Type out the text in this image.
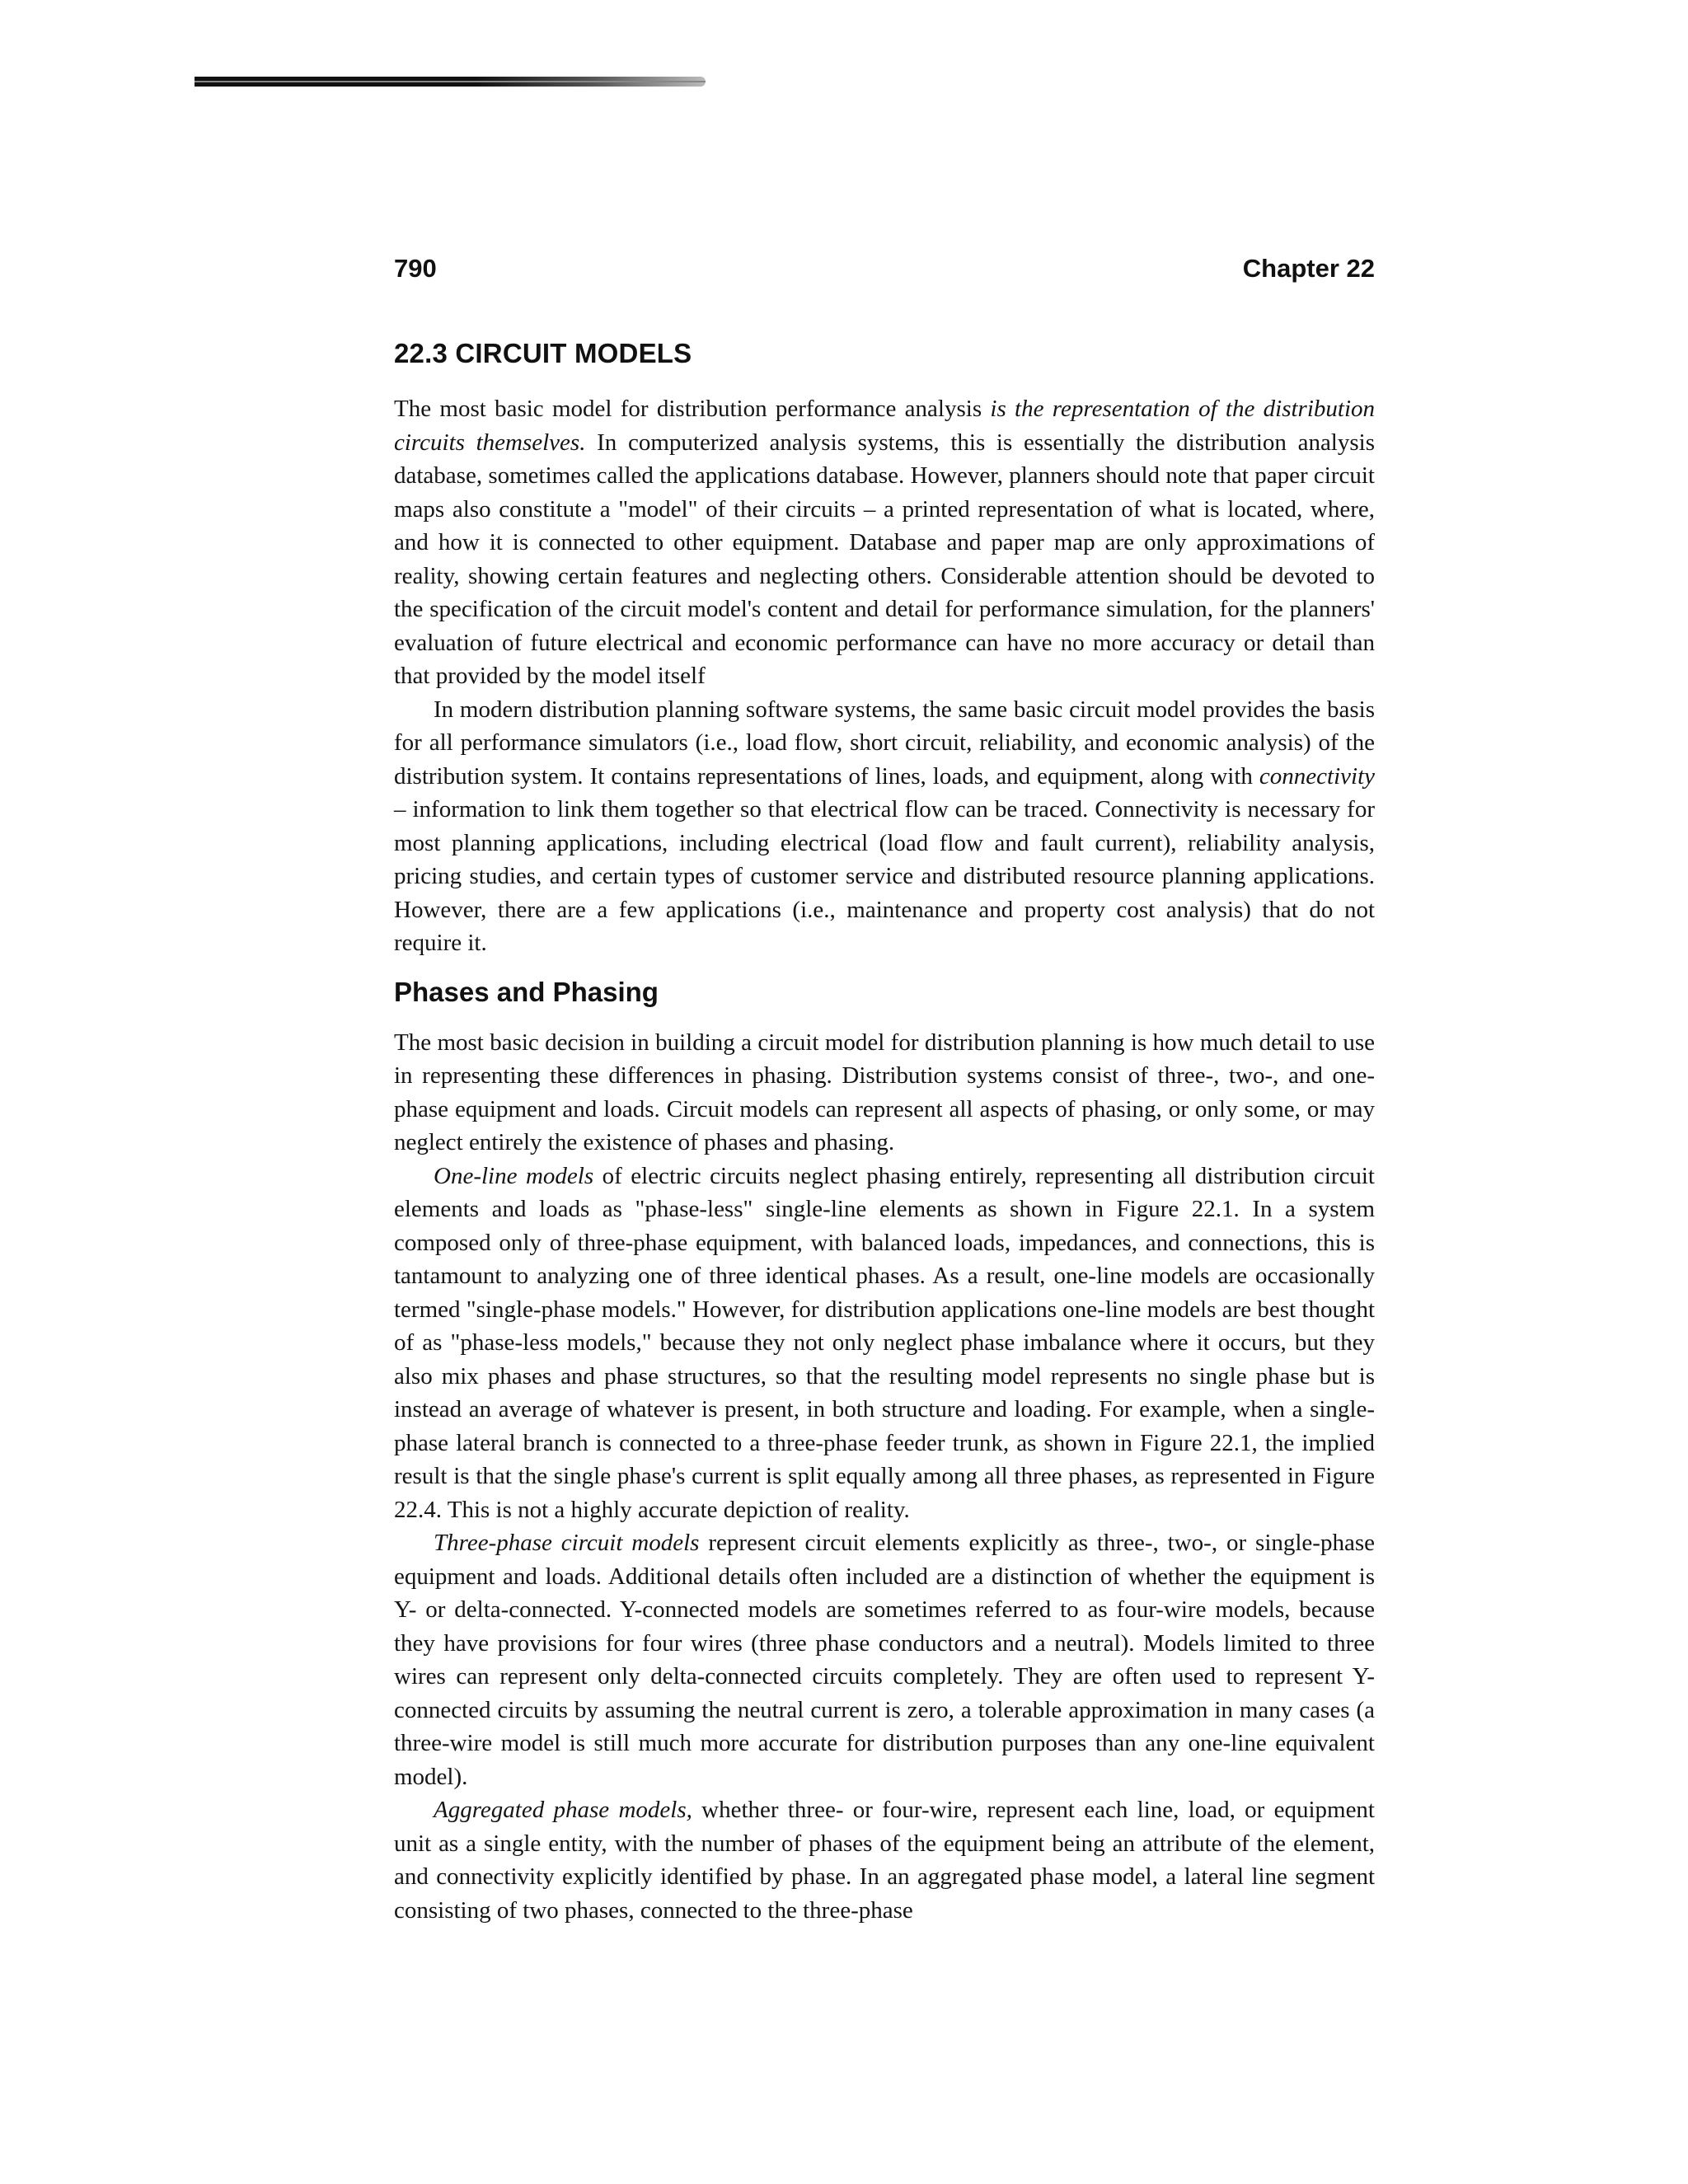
790	Chapter 22
22.3 CIRCUIT MODELS

The most basic model for distribution performance analysis is the representation of the distribution circuits themselves. In computerized analysis systems, this is essentially the distribution analysis database, sometimes called the applications database. However, planners should note that paper circuit maps also constitute a "model" of their circuits – a printed representation of what is located, where, and how it is connected to other equipment. Database and paper map are only approximations of reality, showing certain features and neglecting others. Considerable attention should be devoted to the specification of the circuit model's content and detail for performance simulation, for the planners' evaluation of future electrical and economic performance can have no more accuracy or detail than that provided by the model itself

In modern distribution planning software systems, the same basic circuit model provides the basis for all performance simulators (i.e., load flow, short circuit, reliability, and economic analysis) of the distribution system. It contains representations of lines, loads, and equipment, along with connectivity – information to link them together so that electrical flow can be traced. Connectivity is necessary for most planning applications, including electrical (load flow and fault current), reliability analysis, pricing studies, and certain types of customer service and distributed resource planning applications. However, there are a few applications (i.e., maintenance and property cost analysis) that do not require it.

Phases and Phasing

The most basic decision in building a circuit model for distribution planning is how much detail to use in representing these differences in phasing. Distribution systems consist of three-, two-, and one-phase equipment and loads. Circuit models can represent all aspects of phasing, or only some, or may neglect entirely the existence of phases and phasing.

One-line models of electric circuits neglect phasing entirely, representing all distribution circuit elements and loads as "phase-less" single-line elements as shown in Figure 22.1. In a system composed only of three-phase equipment, with balanced loads, impedances, and connections, this is tantamount to analyzing one of three identical phases. As a result, one-line models are occasionally termed "single-phase models." However, for distribution applications one-line models are best thought of as "phase-less models," because they not only neglect phase imbalance where it occurs, but they also mix phases and phase structures, so that the resulting model represents no single phase but is instead an average of whatever is present, in both structure and loading. For example, when a single-phase lateral branch is connected to a three-phase feeder trunk, as shown in Figure 22.1, the implied result is that the single phase's current is split equally among all three phases, as represented in Figure 22.4. This is not a highly accurate depiction of reality.

Three-phase circuit models represent circuit elements explicitly as three-, two-, or single-phase equipment and loads. Additional details often included are a distinction of whether the equipment is Y- or delta-connected. Y-connected models are sometimes referred to as four-wire models, because they have provisions for four wires (three phase conductors and a neutral). Models limited to three wires can represent only delta-connected circuits completely. They are often used to represent Y-connected circuits by assuming the neutral current is zero, a tolerable approximation in many cases (a three-wire model is still much more accurate for distribution purposes than any one-line equivalent model).

Aggregated phase models, whether three- or four-wire, represent each line, load, or equipment unit as a single entity, with the number of phases of the equipment being an attribute of the element, and connectivity explicitly identified by phase. In an aggregated phase model, a lateral line segment consisting of two phases, connected to the three-phase
